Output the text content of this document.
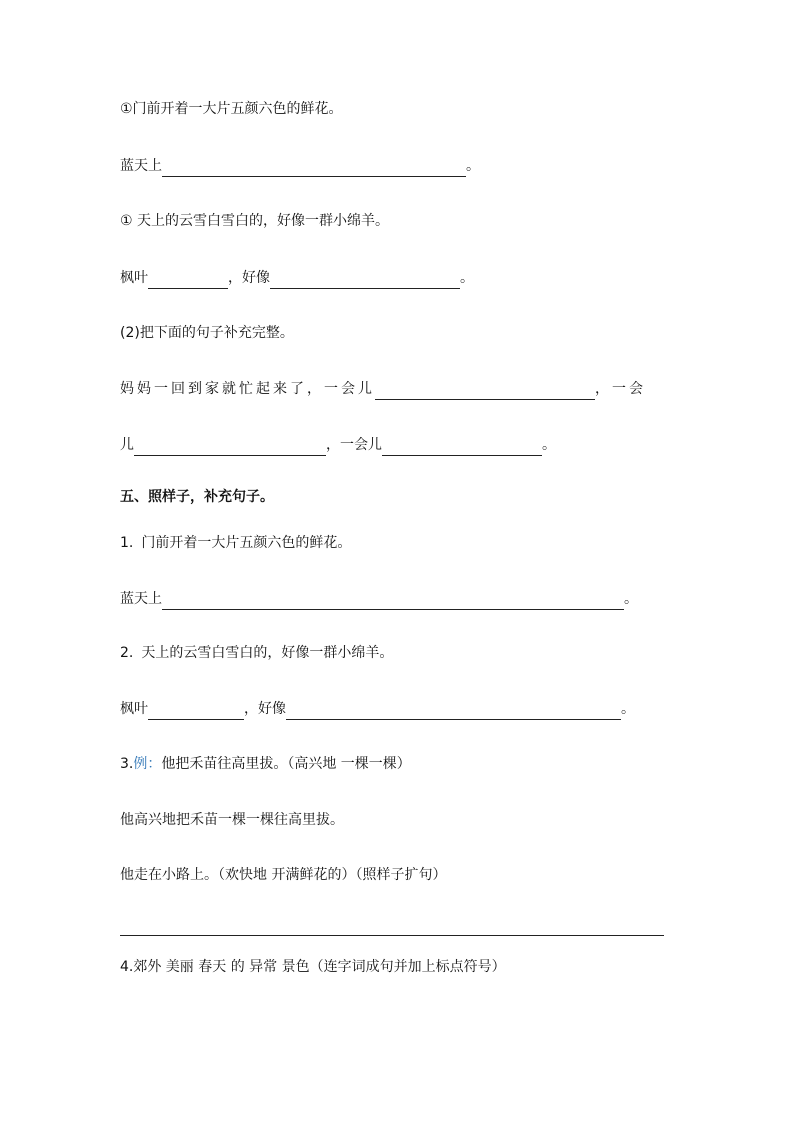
①门前开着一大片五颜六色的鲜花。
蓝天上	。
① 天上的云雪白雪白的，好像一群小绵羊。
枫叶	，好像	。
(2)把下面的句子补充完整。
妈妈一回到家就忙起来了，一会儿	，一会
儿	，一会儿	。
五、照样子，补充句子。
1. 门前开着一大片五颜六色的鲜花。
蓝天上	。
2. 天上的云雪白雪白的，好像一群小绵羊。
枫叶	，好像	。
3.例：他把禾苗往高里拔。（高兴地 一棵一棵）
他高兴地把禾苗一棵一棵往高里拔。
他走在小路上。（欢快地 开满鲜花的）（照样子扩句）
4.郊外 美丽 春天 的 异常 景色（连字词成句并加上标点符号）
